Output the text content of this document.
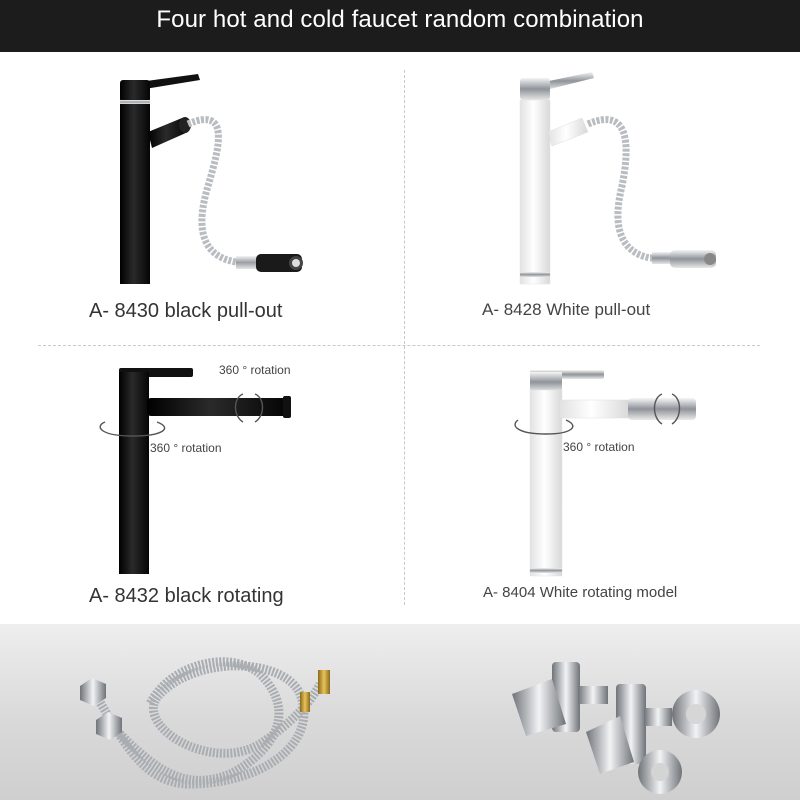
Four hot and cold faucet random combination
A- 8430 black pull-out	A- 8428 White pull-out
360 ° rotation
360 ° rotation
A- 8432 black rotating
360 ° rotation
A- 8404 White rotating model
